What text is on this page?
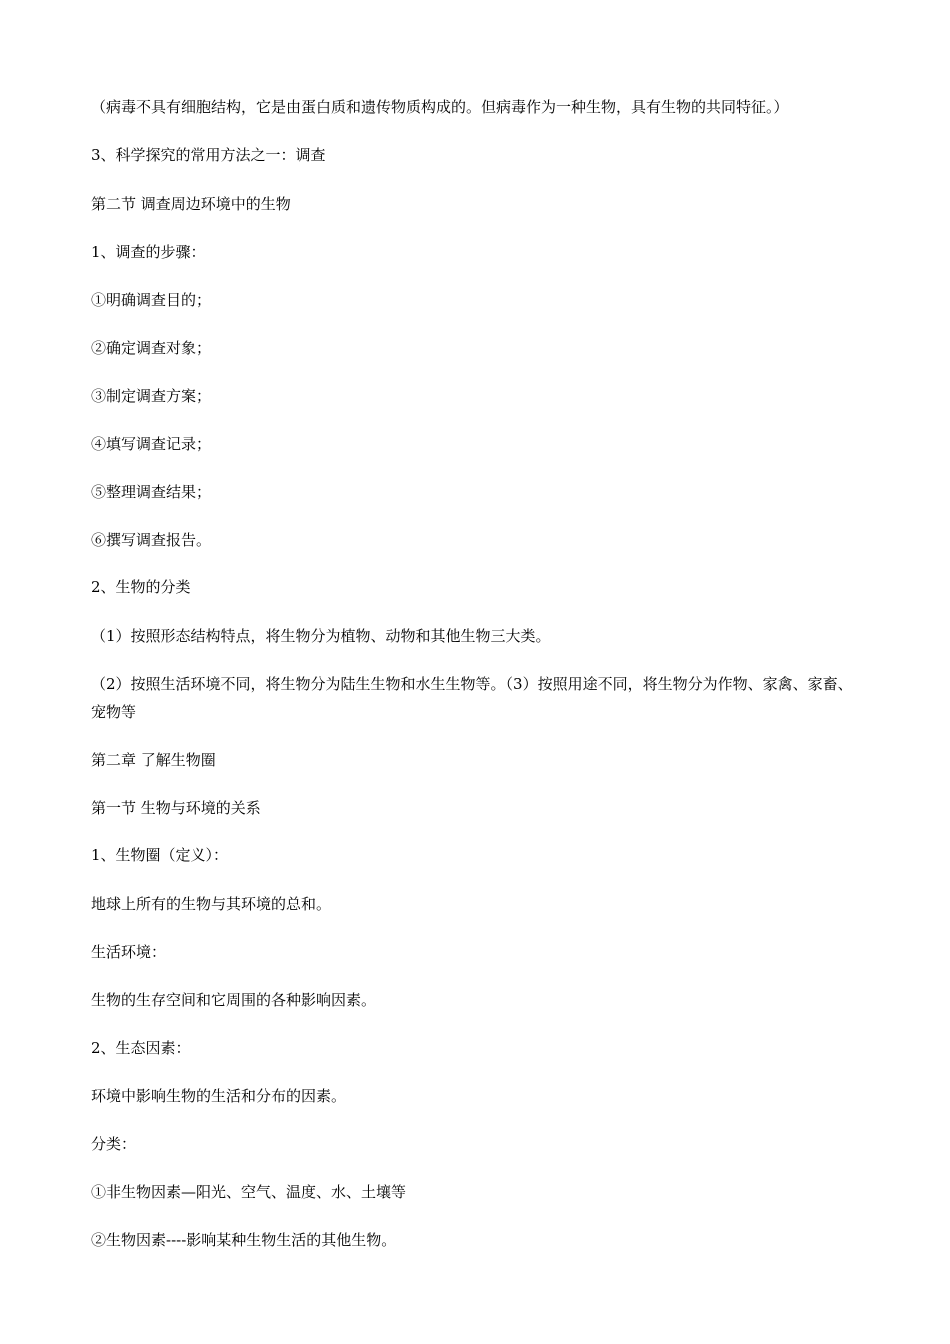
（病毒不具有细胞结构，它是由蛋白质和遗传物质构成的。但病毒作为一种生物，具有生物的共同特征。）
3、科学探究的常用方法之一：调查
第二节 调查周边环境中的生物
1、调查的步骤：
①明确调查目的；
②确定调查对象；
③制定调查方案；
④填写调查记录；
⑤整理调查结果；
⑥撰写调查报告。
2、生物的分类
（1）按照形态结构特点，将生物分为植物、动物和其他生物三大类。
（2）按照生活环境不同，将生物分为陆生生物和水生生物等。（3）按照用途不同，将生物分为作物、家禽、家畜、宠物等
第二章 了解生物圈
第一节 生物与环境的关系
1、生物圈（定义）：
地球上所有的生物与其环境的总和。
生活环境：
生物的生存空间和它周围的各种影响因素。
2、生态因素：
环境中影响生物的生活和分布的因素。
分类：
①非生物因素—阳光、空气、温度、水、土壤等
②生物因素----影响某种生物生活的其他生物。
